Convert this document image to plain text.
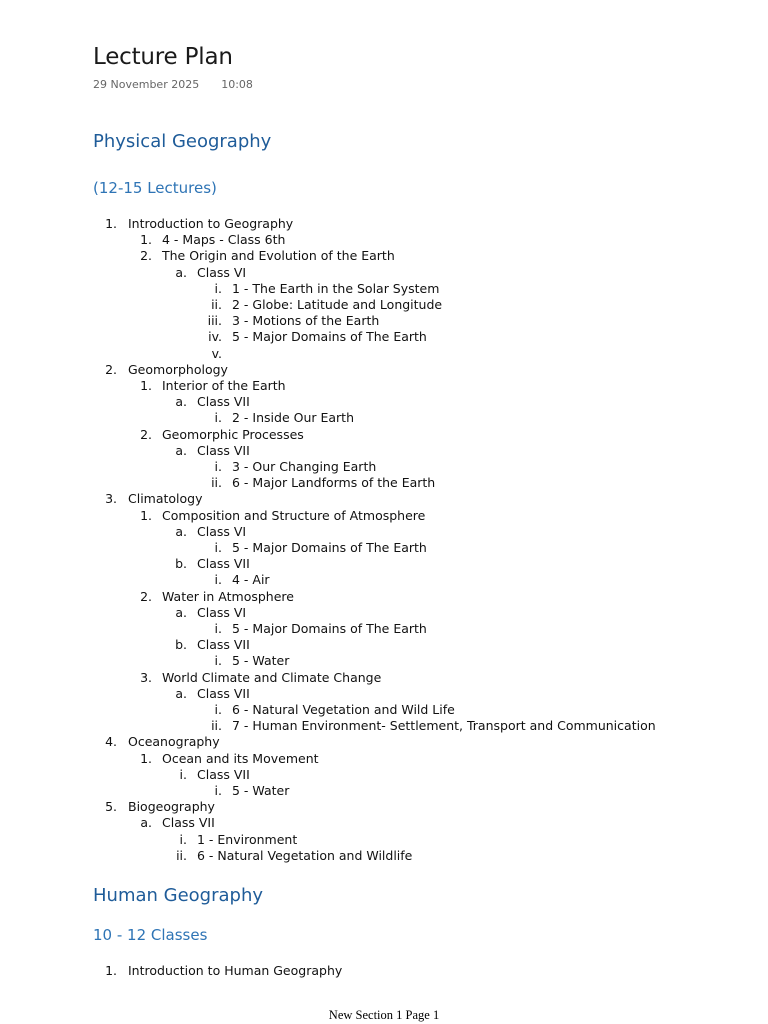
Lecture Plan
29 November 2025 10:08
Physical Geography
(12-15 Lectures)
1. Introduction to Geography
1. 4 - Maps - Class 6th
2. The Origin and Evolution of the Earth
a. Class VI
i. 1 - The Earth in the Solar System
ii. 2 - Globe: Latitude and Longitude
iii. 3 - Motions of the Earth
iv. 5 - Major Domains of The Earth
v.
2. Geomorphology
1. Interior of the Earth
a. Class VII
i. 2 - Inside Our Earth
2. Geomorphic Processes
a. Class VII
i. 3 - Our Changing Earth
ii. 6 - Major Landforms of the Earth
3. Climatology
1. Composition and Structure of Atmosphere
a. Class VI
i. 5 - Major Domains of The Earth
b. Class VII
i. 4 - Air
2. Water in Atmosphere
a. Class VI
i. 5 - Major Domains of The Earth
b. Class VII
i. 5 - Water
3. World Climate and Climate Change
a. Class VII
i. 6 - Natural Vegetation and Wild Life
ii. 7 - Human Environment- Settlement, Transport and Communication
4. Oceanography
1. Ocean and its Movement
i. Class VII
i. 5 - Water
5. Biogeography
a. Class VII
i. 1 - Environment
ii. 6 - Natural Vegetation and Wildlife
Human Geography
10 - 12 Classes
1. Introduction to Human Geography
New Section 1 Page 1
